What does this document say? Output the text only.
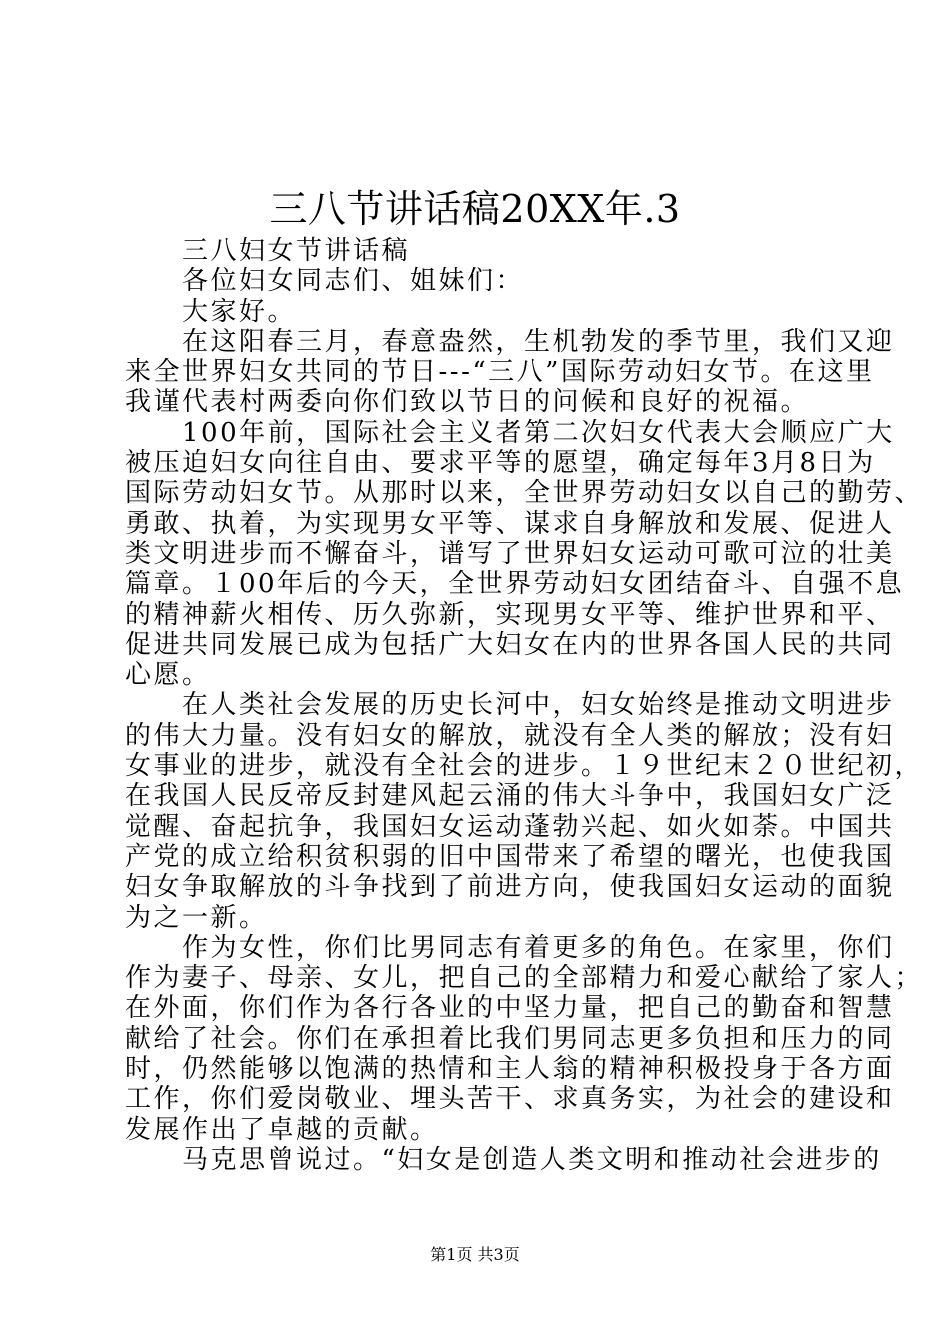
三八节讲话稿20XX年.3
三八妇女节讲话稿
各位妇女同志们、姐妹们：
大家好。
在这阳春三月，春意盎然，生机勃发的季节里，我们又迎
来全世界妇女共同的节日---“三八”国际劳动妇女节。在这里
我谨代表村两委向你们致以节日的问候和良好的祝福。
100年前，国际社会主义者第二次妇女代表大会顺应广大
被压迫妇女向往自由、要求平等的愿望，确定每年3月8日为
国际劳动妇女节。从那时以来，全世界劳动妇女以自己的勤劳、
勇敢、执着，为实现男女平等、谋求自身解放和发展、促进人
类文明进步而不懈奋斗，谱写了世界妇女运动可歌可泣的壮美
篇章。１00年后的今天，全世界劳动妇女团结奋斗、自强不息
的精神薪火相传、历久弥新，实现男女平等、维护世界和平、
促进共同发展已成为包括广大妇女在内的世界各国人民的共同
心愿。
在人类社会发展的历史长河中，妇女始终是推动文明进步
的伟大力量。没有妇女的解放，就没有全人类的解放；没有妇
女事业的进步，就没有全社会的进步。１９世纪末２０世纪初，
在我国人民反帝反封建风起云涌的伟大斗争中，我国妇女广泛
觉醒、奋起抗争，我国妇女运动蓬勃兴起、如火如荼。中国共
产党的成立给积贫积弱的旧中国带来了希望的曙光，也使我国
妇女争取解放的斗争找到了前进方向，使我国妇女运动的面貌
为之一新。
作为女性，你们比男同志有着更多的角色。在家里，你们
作为妻子、母亲、女儿，把自己的全部精力和爱心献给了家人；
在外面，你们作为各行各业的中坚力量，把自己的勤奋和智慧
献给了社会。你们在承担着比我们男同志更多负担和压力的同
时，仍然能够以饱满的热情和主人翁的精神积极投身于各方面
工作，你们爱岗敬业、埋头苦干、求真务实，为社会的建设和
发展作出了卓越的贡献。
马克思曾说过。“妇女是创造人类文明和推动社会进步的
第1页 共3页
